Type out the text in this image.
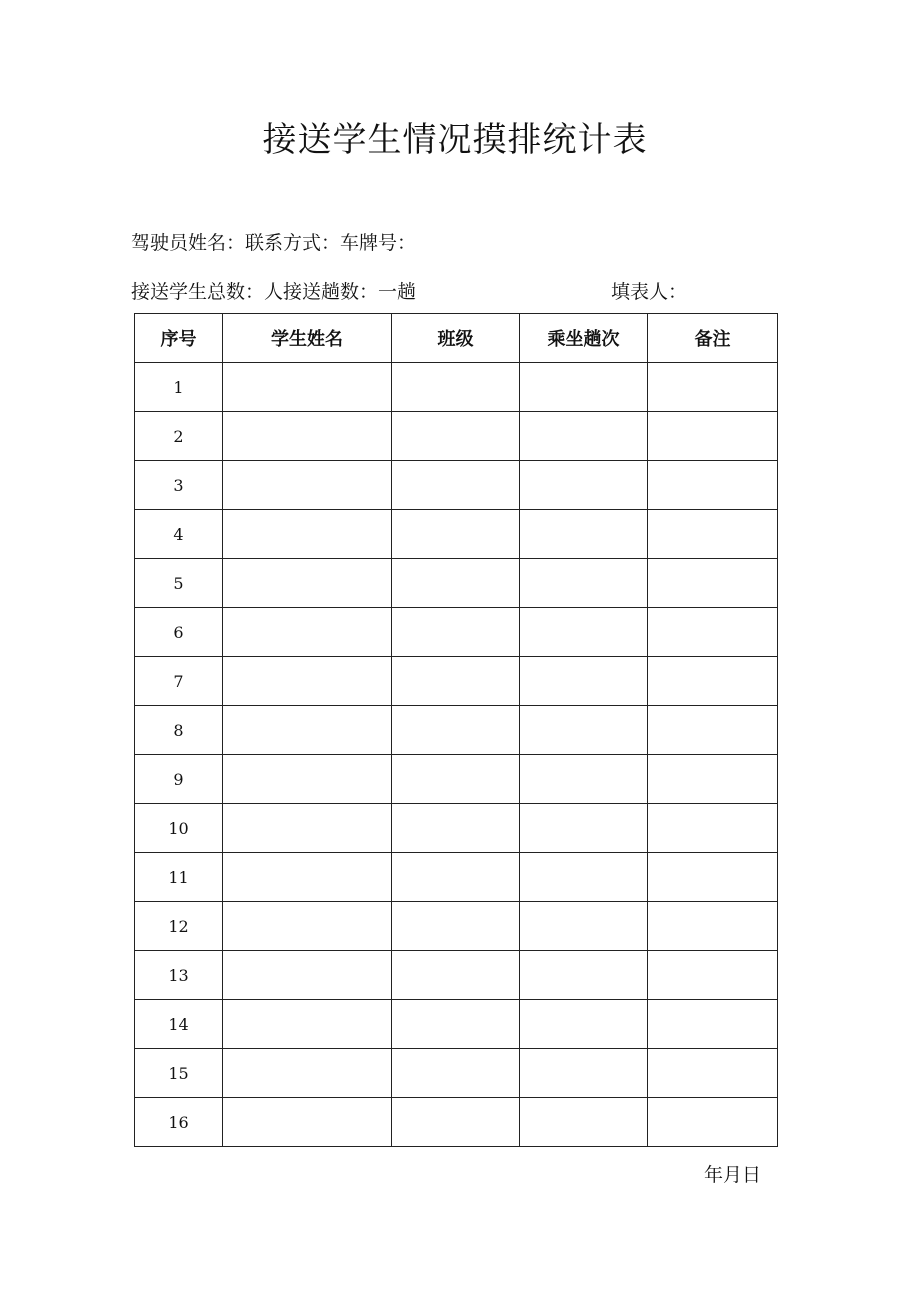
接送学生情况摸排统计表
驾驶员姓名：联系方式：车牌号：
接送学生总数：人接送趟数：一趟	填表人：
序号	学生姓名	班级	乘坐趟次	备注
1				
2				
3				
4				
5				
6				
7				
8				
9				
10				
11				
12				
13				
14				
15				
16				
年月日
